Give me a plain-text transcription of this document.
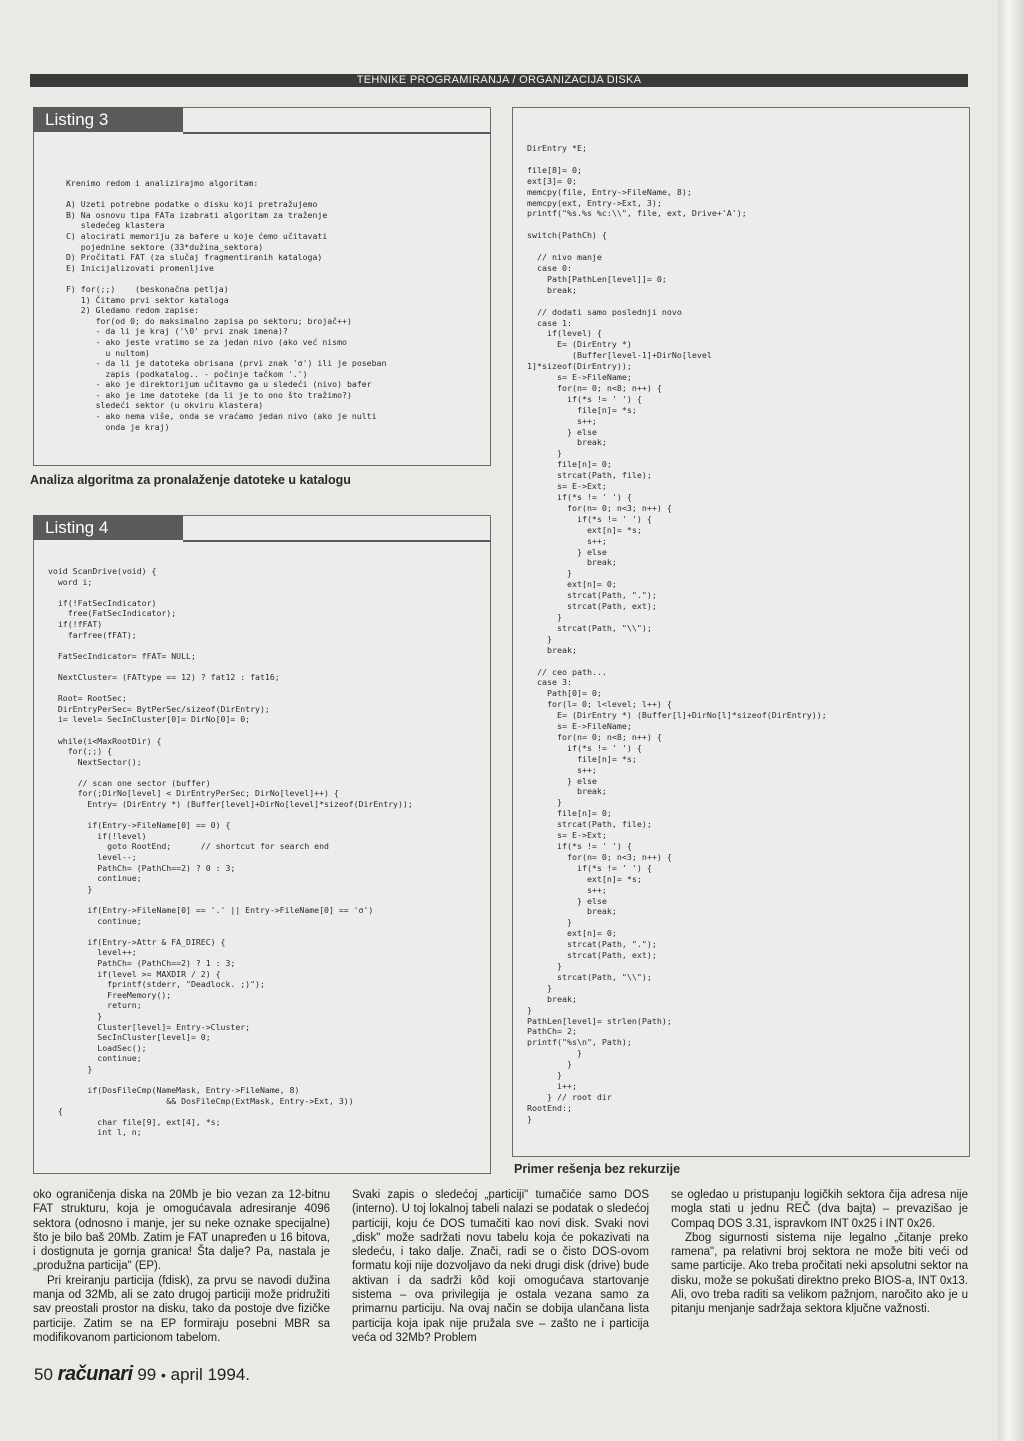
TEHNIKE PROGRAMIRANJA / ORGANIZACIJA DISKA
Listing 3
Krenimo redom i analizirajmo algoritam:

A) Uzeti potrebne podatke o disku koji pretražujemo
B) Na osnovu tipa FATa izabrati algoritam za traženje
sledećeg klastera
C) alocirati memoriju za bafere u koje ćemo učitavati
pojednine sektore (33*dužina_sektora)
D) Pročitati FAT (za slučaj fragmentiranih kataloga)
E) Inicijalizovati promenljive

F) for(;;)    (beskonačna petlja)
1) Čitamo prvi sektor kataloga
2) Gledamo redom zapise:
for(od 0; do maksimalno zapisa po sektoru; brojač++)
- da li je kraj ('\0' prvi znak imena)?
- ako jeste vratimo se za jedan nivo (ako već nismo
u nultom)
- da li je datoteka obrisana (prvi znak 'σ') ili je poseban
zapis (podkatalog.. - počinje tačkom '.')
- ako je direktorijum učitavmo ga u sledeći (nivo) bafer
- ako je ime datoteke (da li je to ono što tražimo?)
sledeći sektor (u okviru klastera)
- ako nema više, onda se vraćamo jedan nivo (ako je nulti
onda je kraj)
Analiza algoritma za pronalaženje datoteke u katalogu
Listing 4
void ScanDrive(void) {
word i;

if(!FatSecIndicator)
free(FatSecIndicator);
if(!fFAT)
farfree(fFAT);

FatSecIndicator= fFAT= NULL;

NextCluster= (FATtype == 12) ? fat12 : fat16;

Root= RootSec;
DirEntryPerSec= BytPerSec/sizeof(DirEntry);
i= level= SecInCluster[0]= DirNo[0]= 0;

while(i<MaxRootDir) {
for(;;) {
NextSector();

// scan one sector (buffer)
for(;DirNo[level] < DirEntryPerSec; DirNo[level]++) {
Entry= (DirEntry *) (Buffer[level]+DirNo[level]*sizeof(DirEntry));

if(Entry->FileName[0] == 0) {
if(!level)
goto RootEnd;      // shortcut for search end
level--;
PathCh= (PathCh==2) ? 0 : 3;
continue;
}

if(Entry->FileName[0] == '.' || Entry->FileName[0] == 'σ')
continue;

if(Entry->Attr & FA_DIREC) {
level++;
PathCh= (PathCh==2) ? 1 : 3;
if(level >= MAXDIR / 2) {
fprintf(stderr, "Deadlock. ;)");
FreeMemory();
return;
}
Cluster[level]= Entry->Cluster;
SecInCluster[level]= 0;
LoadSec();
continue;
}

if(DosFileCmp(NameMask, Entry->FileName, 8)
&& DosFileCmp(ExtMask, Entry->Ext, 3))
{
char file[9], ext[4], *s;
int l, n;
DirEntry *E;

file[8]= 0;
ext[3]= 0;
memcpy(file, Entry->FileName, 8);
memcpy(ext, Entry->Ext, 3);
printf("%s.%s %c:\\", file, ext, Drive+'A');

switch(PathCh) {

// nivo manje
case 0:
Path[PathLen[level]]= 0;
break;

// dodati samo poslednji novo
case 1:
if(level) {
E= (DirEntry *)
(Buffer[level-1]+DirNo[level
1]*sizeof(DirEntry));
s= E->FileName;
for(n= 0; n<8; n++) {
if(*s != ' ') {
file[n]= *s;
s++;
} else
break;
}
file[n]= 0;
strcat(Path, file);
s= E->Ext;
if(*s != ' ') {
for(n= 0; n<3; n++) {
if(*s != ' ') {
ext[n]= *s;
s++;
} else
break;
}
ext[n]= 0;
strcat(Path, ".");
strcat(Path, ext);
}
strcat(Path, "\\");
}
break;

// ceo path...
case 3:
Path[0]= 0;
for(l= 0; l<level; l++) {
E= (DirEntry *) (Buffer[l]+DirNo[l]*sizeof(DirEntry));
s= E->FileName;
for(n= 0; n<8; n++) {
if(*s != ' ') {
file[n]= *s;
s++;
} else
break;
}
file[n]= 0;
strcat(Path, file);
s= E->Ext;
if(*s != ' ') {
for(n= 0; n<3; n++) {
if(*s != ' ') {
ext[n]= *s;
s++;
} else
break;
}
ext[n]= 0;
strcat(Path, ".");
strcat(Path, ext);
}
strcat(Path, "\\");
}
break;
}
PathLen[level]= strlen(Path);
PathCh= 2;
printf("%s\n", Path);
}
}
}
i++;
} // root dir
RootEnd:;
}
Primer rešenja bez rekurzije

oko ograničenja diska na 20Mb je bio vezan za 12-bitnu FAT strukturu, koja je omogućavala adresiranje 4096 sektora (odnosno i manje, jer su neke oznake specijalne) što je bilo baš 20Mb. Zatim je FAT unapređen u 16 bitova, i dostignuta je gornja granica! Šta dalje? Pa, nastala je „produžna particija" (EP).

Pri kreiranju particija (fdisk), za prvu se navodi dužina manja od 32Mb, ali se zato drugoj particiji može pridružiti sav preostali prostor na disku, tako da postoje dve fizičke particije. Zatim se na EP formiraju posebni MBR sa modifikovanom particionom tabelom.

Svaki zapis o sledećoj „particiji" tumačiće samo DOS (interno). U toj lokalnoj tabeli nalazi se podatak o sledećoj particiji, koju će DOS tumačiti kao novi disk. Svaki novi „disk" može sadržati novu tabelu koja će pokazivati na sledeću, i tako dalje. Znači, radi se o čisto DOS-ovom formatu koji nije dozvoljavo da neki drugi disk (drive) bude aktivan i da sadrži kôd koji omogućava startovanje sistema – ova privilegija je ostala vezana samo za primarnu particiju. Na ovaj način se dobija ulančana lista particija koja ipak nije pružala sve – zašto ne i particija veća od 32Mb? Problem

se ogledao u pristupanju logičkih sektora čija adresa nije mogla stati u jednu REČ (dva bajta) – prevazišao je Compaq DOS 3.31, ispravkom INT 0x25 i INT 0x26.

Zbog sigurnosti sistema nije legalno „čitanje preko ramena", pa relativni broj sektora ne može biti veći od same particije. Ako treba pročitati neki apsolutni sektor na disku, može se pokušati direktno preko BIOS-a, INT 0x13. Ali, ovo treba raditi sa velikom pažnjom, naročito ako je u pitanju menjanje sadržaja sektora ključne važnosti.

50 računari 99 • april 1994.
